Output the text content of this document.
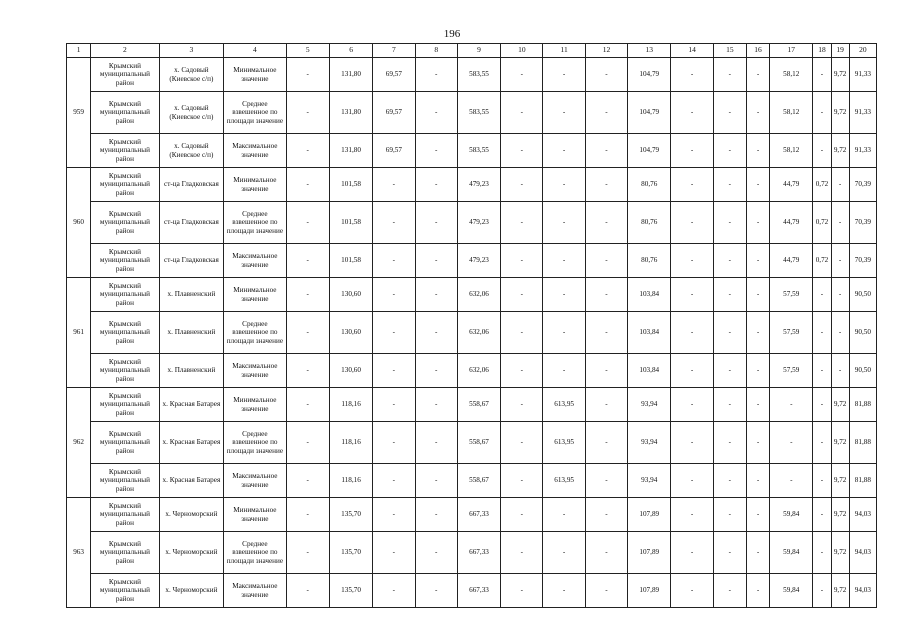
196
1	2	3	4	5	6	7	8	9	10	11	12	13	14	15	16	17	18	19	20
959	Крымский муниципальный район	х. Садовый (Киевское с/п)	Минимальное значение	-	131,80	69,57	-	583,55	-	-	-	104,79	-	-	-	58,12	-	9,72	91,33
	Крымский муниципальный район	х. Садовый (Киевское с/п)	Среднее взвешенное по площади значение	-	131,80	69,57	-	583,55	-	-	-	104,79	-	-	-	58,12	-	9,72	91,33
	Крымский муниципальный район	х. Садовый (Киевское с/п)	Максимальное значение	-	131,80	69,57	-	583,55	-	-	-	104,79	-	-	-	58,12	-	9,72	91,33
960	Крымский муниципальный район	ст-ца Гладковская	Минимальное значение	-	101,58	-	-	479,23	-	-	-	80,76	-	-	-	44,79	0,72	-	70,39
	Крымский муниципальный район	ст-ца Гладковская	Среднее взвешенное по площади значение	-	101,58	-	-	479,23	-	-	-	80,76	-	-	-	44,79	0,72	-	70,39
	Крымский муниципальный район	ст-ца Гладковская	Максимальное значение	-	101,58	-	-	479,23	-	-	-	80,76	-	-	-	44,79	0,72	-	70,39
961	Крымский муниципальный район	х. Плавненский	Минимальное значение	-	130,60	-	-	632,06	-	-	-	103,84	-	-	-	57,59	-	-	90,50
	Крымский муниципальный район	х. Плавненский	Среднее взвешенное по площади значение	-	130,60	-	-	632,06	-	-	-	103,84	-	-	-	57,59	-	-	90,50
	Крымский муниципальный район	х. Плавненский	Максимальное значение	-	130,60	-	-	632,06	-	-	-	103,84	-	-	-	57,59	-	-	90,50
962	Крымский муниципальный район	х. Красная Батарея	Минимальное значение	-	118,16	-	-	558,67	-	613,95	-	93,94	-	-	-	-	-	9,72	81,88
	Крымский муниципальный район	х. Красная Батарея	Среднее взвешенное по площади значение	-	118,16	-	-	558,67	-	613,95	-	93,94	-	-	-	-	-	9,72	81,88
	Крымский муниципальный район	х. Красная Батарея	Максимальное значение	-	118,16	-	-	558,67	-	613,95	-	93,94	-	-	-	-	-	9,72	81,88
963	Крымский муниципальный район	х. Черноморский	Минимальное значение	-	135,70	-	-	667,33	-	-	-	107,89	-	-	-	59,84	-	9,72	94,03
	Крымский муниципальный район	х. Черноморский	Среднее взвешенное по площади значение	-	135,70	-	-	667,33	-	-	-	107,89	-	-	-	59,84	-	9,72	94,03
	Крымский муниципальный район	х. Черноморский	Максимальное значение	-	135,70	-	-	667,33	-	-	-	107,89	-	-	-	59,84	-	9,72	94,03
